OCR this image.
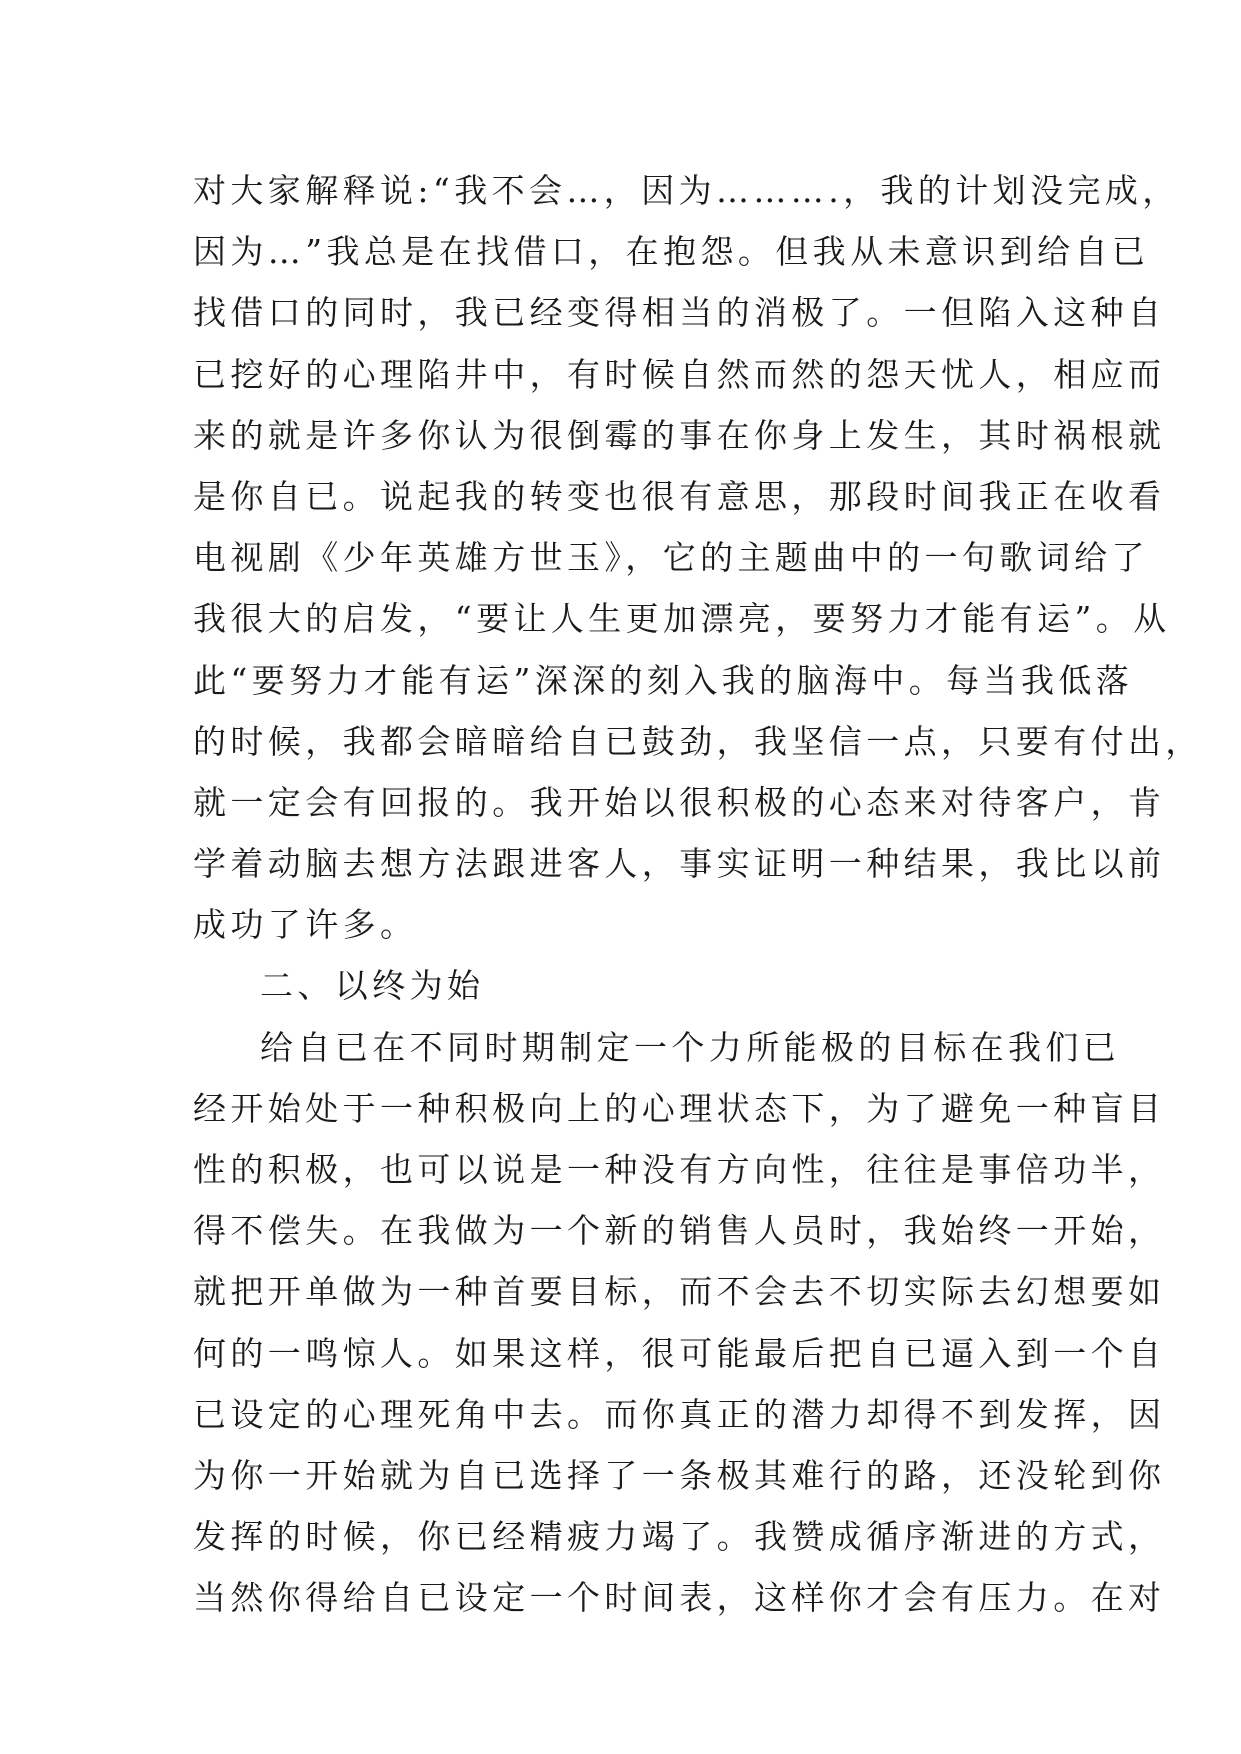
对大家解释说:“我不会…，因为……….，我的计划没完成，
因为…”我总是在找借口，在抱怨。但我从未意识到给自已
找借口的同时，我已经变得相当的消极了。一但陷入这种自
已挖好的心理陷井中，有时候自然而然的怨天忧人，相应而
来的就是许多你认为很倒霉的事在你身上发生，其时祸根就
是你自已。说起我的转变也很有意思，那段时间我正在收看
电视剧《少年英雄方世玉》，它的主题曲中的一句歌词给了
我很大的启发，“要让人生更加漂亮，要努力才能有运”。从
此“要努力才能有运”深深的刻入我的脑海中。每当我低落
的时候，我都会暗暗给自已鼓劲，我坚信一点，只要有付出，
就一定会有回报的。我开始以很积极的心态来对待客户，肯
学着动脑去想方法跟进客人，事实证明一种结果，我比以前
成功了许多。
二、以终为始
给自已在不同时期制定一个力所能极的目标在我们已
经开始处于一种积极向上的心理状态下，为了避免一种盲目
性的积极，也可以说是一种没有方向性，往往是事倍功半，
得不偿失。在我做为一个新的销售人员时，我始终一开始，
就把开单做为一种首要目标，而不会去不切实际去幻想要如
何的一鸣惊人。如果这样，很可能最后把自已逼入到一个自
已设定的心理死角中去。而你真正的潜力却得不到发挥，因
为你一开始就为自已选择了一条极其难行的路，还没轮到你
发挥的时候，你已经精疲力竭了。我赞成循序渐进的方式，
当然你得给自已设定一个时间表，这样你才会有压力。在对
